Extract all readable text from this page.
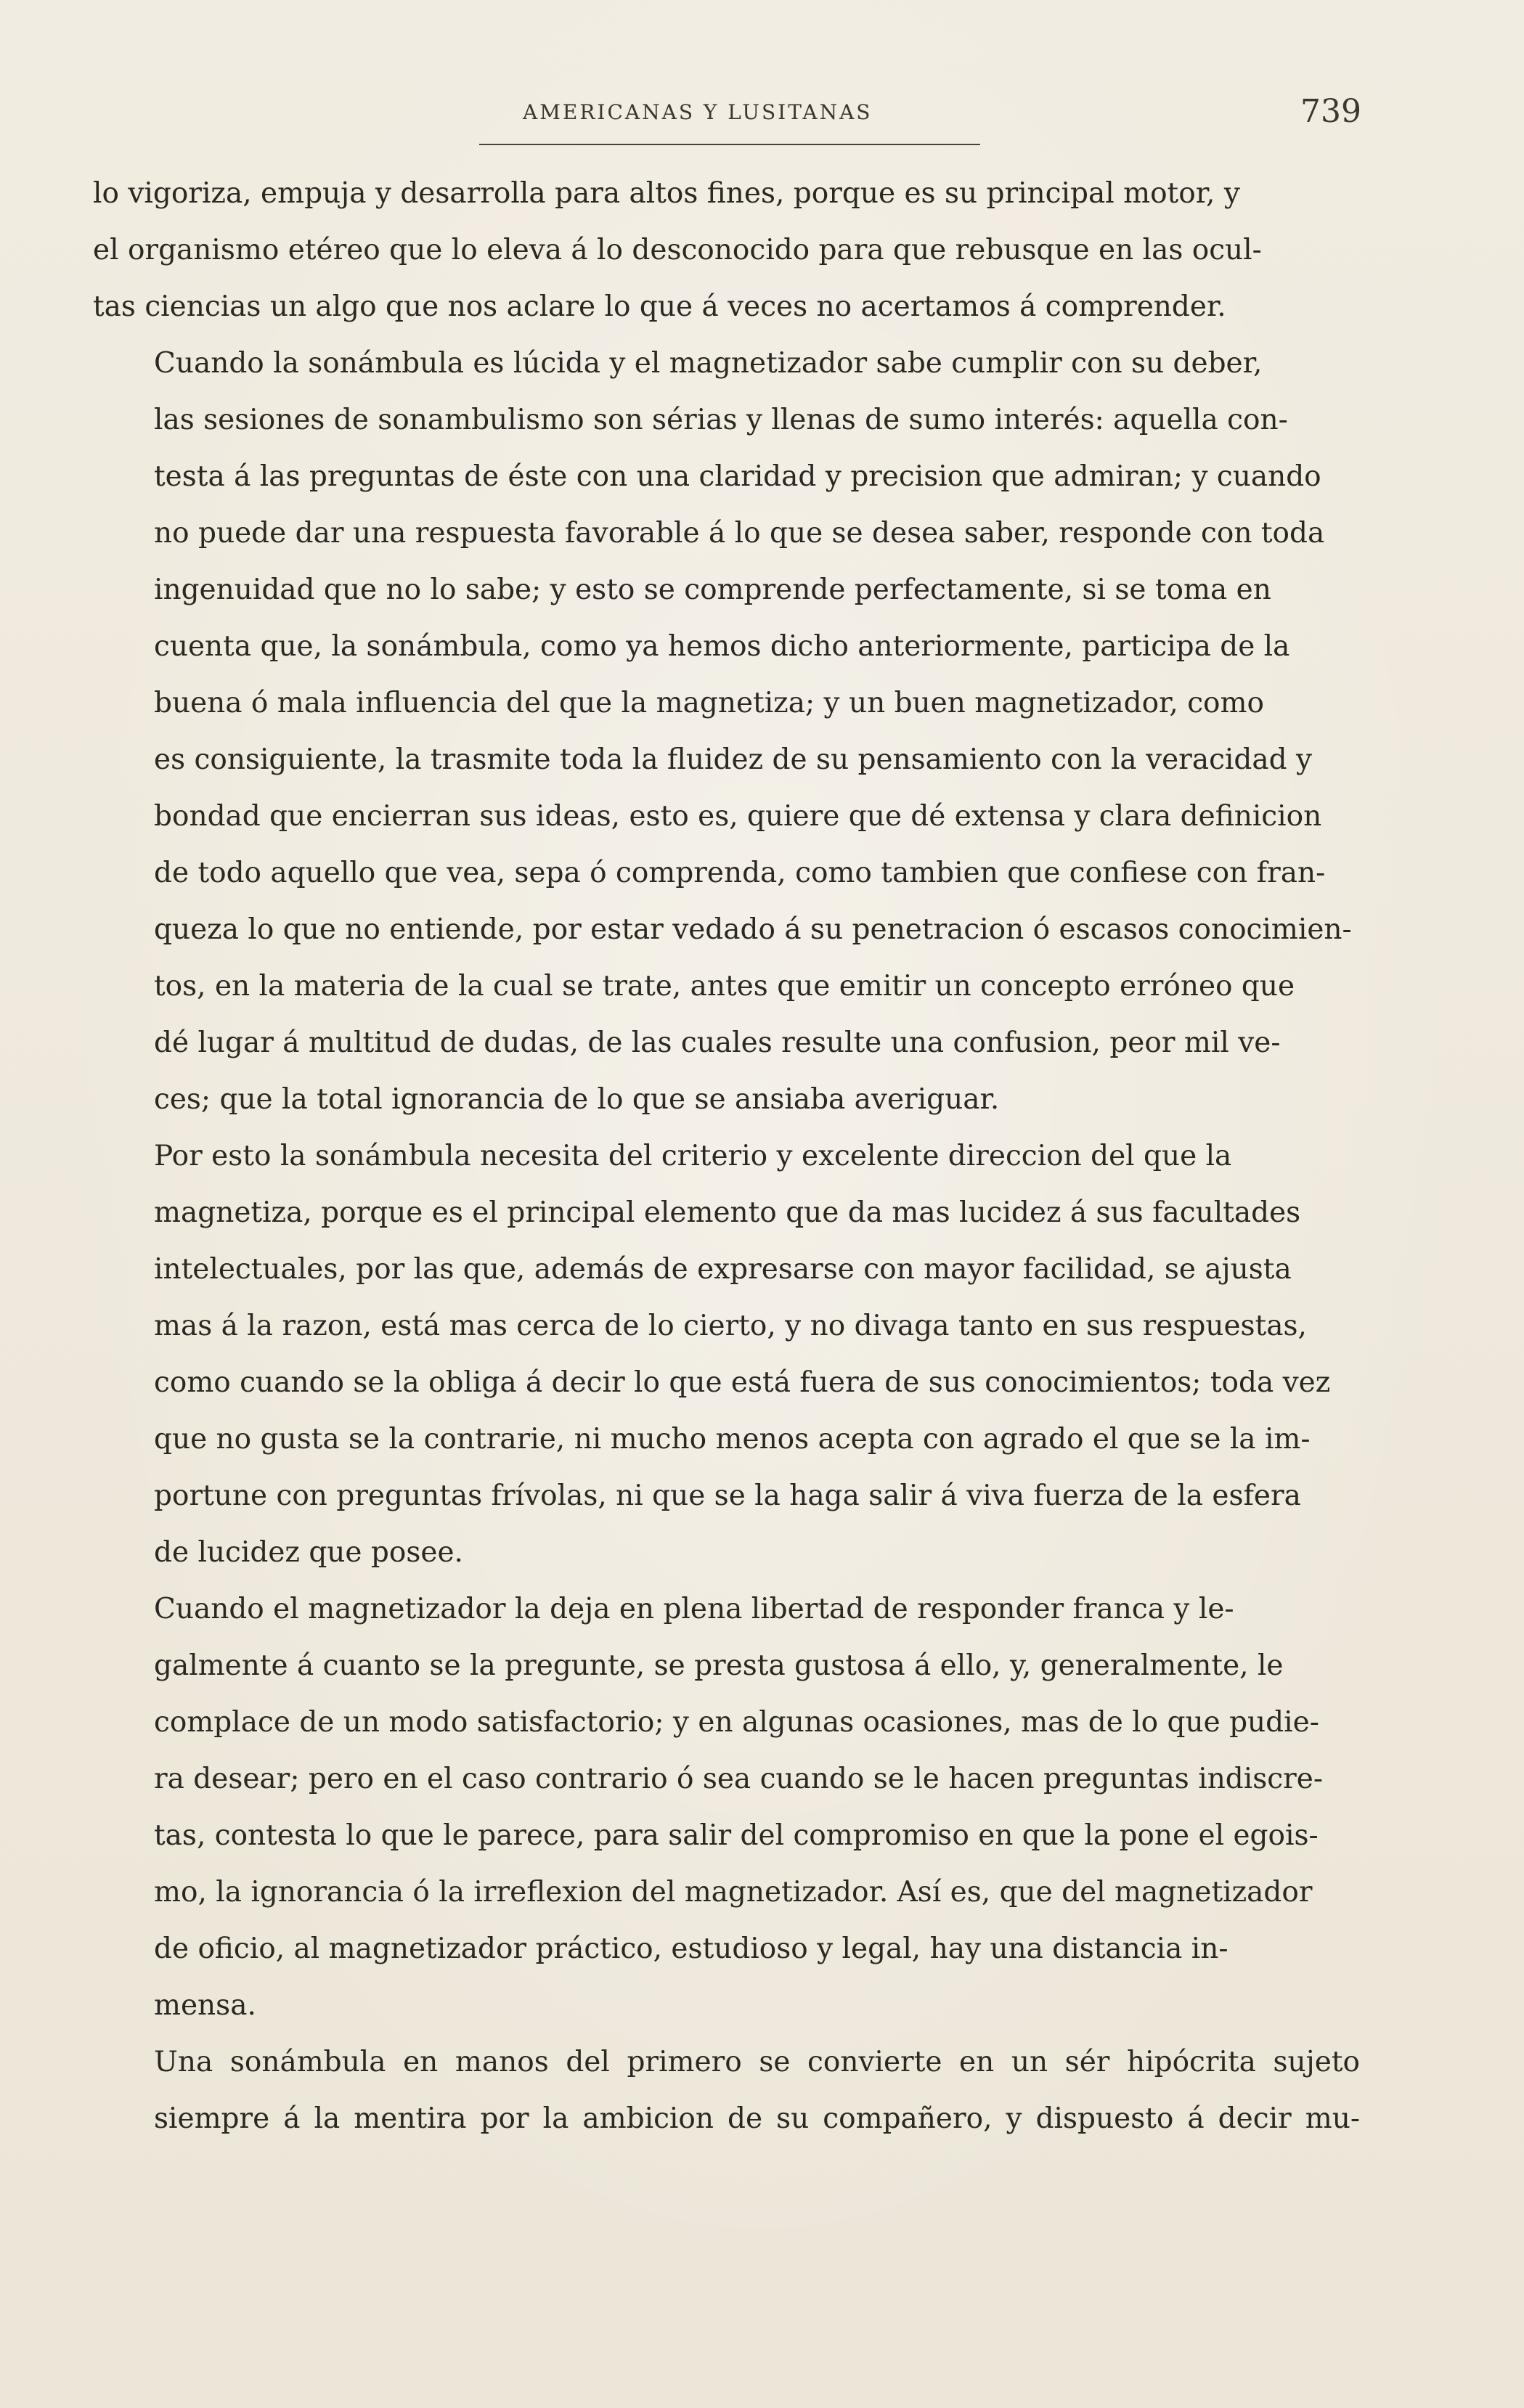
AMERICANAS Y LUSITANAS	739

lo vigoriza, empuja y desarrolla para altos fines, porque es su principal motor, y
el organismo etéreo que lo eleva á lo desconocido para que rebusque en las ocul-
tas ciencias un algo que nos aclare lo que á veces no acertamos á comprender.

Cuando la sonámbula es lúcida y el magnetizador sabe cumplir con su deber,
las sesiones de sonambulismo son sérias y llenas de sumo interés: aquella con-
testa á las preguntas de éste con una claridad y precision que admiran; y cuando
no puede dar una respuesta favorable á lo que se desea saber, responde con toda
ingenuidad que no lo sabe; y esto se comprende perfectamente, si se toma en
cuenta que, la sonámbula, como ya hemos dicho anteriormente, participa de la
buena ó mala influencia del que la magnetiza; y un buen magnetizador, como
es consiguiente, la trasmite toda la fluidez de su pensamiento con la veracidad y
bondad que encierran sus ideas, esto es, quiere que dé extensa y clara definicion
de todo aquello que vea, sepa ó comprenda, como tambien que confiese con fran-
queza lo que no entiende, por estar vedado á su penetracion ó escasos conocimien-
tos, en la materia de la cual se trate, antes que emitir un concepto erróneo que
dé lugar á multitud de dudas, de las cuales resulte una confusion, peor mil ve-
ces; que la total ignorancia de lo que se ansiaba averiguar.

Por esto la sonámbula necesita del criterio y excelente direccion del que la
magnetiza, porque es el principal elemento que da mas lucidez á sus facultades
intelectuales, por las que, además de expresarse con mayor facilidad, se ajusta
mas á la razon, está mas cerca de lo cierto, y no divaga tanto en sus respuestas,
como cuando se la obliga á decir lo que está fuera de sus conocimientos; toda vez
que no gusta se la contrarie, ni mucho menos acepta con agrado el que se la im-
portune con preguntas frívolas, ni que se la haga salir á viva fuerza de la esfera
de lucidez que posee.

Cuando el magnetizador la deja en plena libertad de responder franca y le-
galmente á cuanto se la pregunte, se presta gustosa á ello, y, generalmente, le
complace de un modo satisfactorio; y en algunas ocasiones, mas de lo que pudie-
ra desear; pero en el caso contrario ó sea cuando se le hacen preguntas indiscre-
tas, contesta lo que le parece, para salir del compromiso en que la pone el egois-
mo, la ignorancia ó la irreflexion del magnetizador. Así es, que del magnetizador
de oficio, al magnetizador práctico, estudioso y legal, hay una distancia in-
mensa.

Una sonámbula en manos del primero se convierte en un sér hipócrita sujeto
siempre á la mentira por la ambicion de su compañero, y dispuesto á decir mu-
